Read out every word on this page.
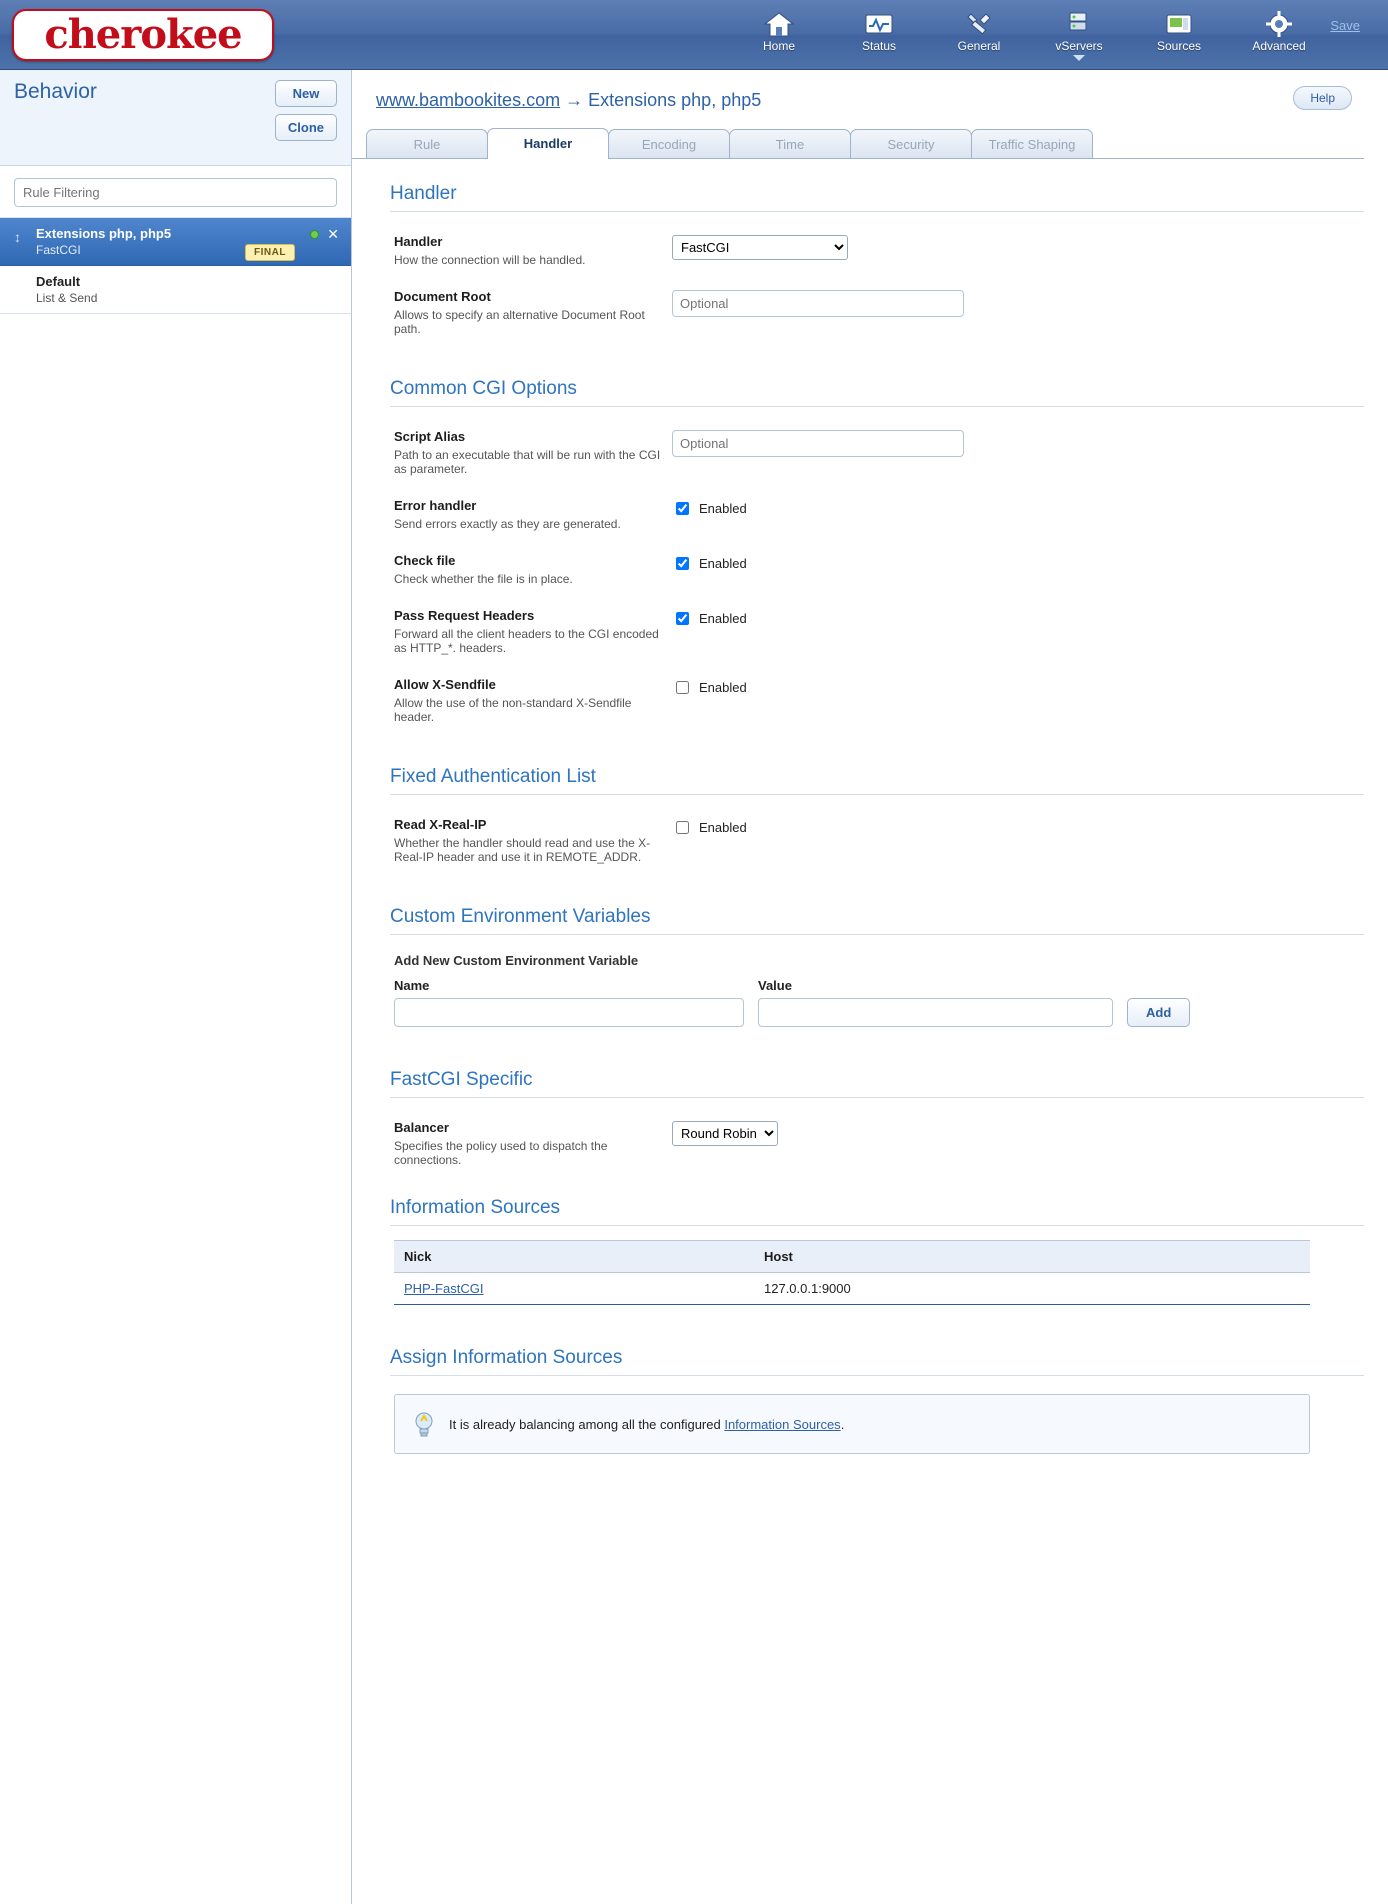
cherokee	Home	Status	General	vServers	Sources	Advanced
Save
Behavior	New
Clone
Rule Filtering
↕ Extensions php, php5
FastCGI
✕
FINAL
Default
List & Send
www.bambookites.com → Extensions php, php5	Help
Rule	Handler	Encoding	Time	Security	Traffic Shaping
Handler
Handler
How the connection will be handled.
FastCGI
Document Root
Allows to specify an alternative Document Root path.
Optional
Common CGI Options
Script Alias
Path to an executable that will be run with the CGI as parameter.
Optional
Error handler
Send errors exactly as they are generated.
Enabled
Check file
Check whether the file is in place.
Enabled
Pass Request Headers
Forward all the client headers to the CGI encoded as HTTP_*. headers.
Enabled
Allow X-Sendfile
Allow the use of the non-standard X-Sendfile header.
Enabled
Fixed Authentication List
Read X-Real-IP
Whether the handler should read and use the X-Real-IP header and use it in REMOTE_ADDR.
Enabled
Custom Environment Variables
Add New Custom Environment Variable
Name	Value
Add
FastCGI Specific
Balancer
Specifies the policy used to dispatch the connections.
Round Robin
Information Sources
Nick	Host
PHP-FastCGI	127.0.0.1:9000
Assign Information Sources
It is already balancing among all the configured Information Sources.
